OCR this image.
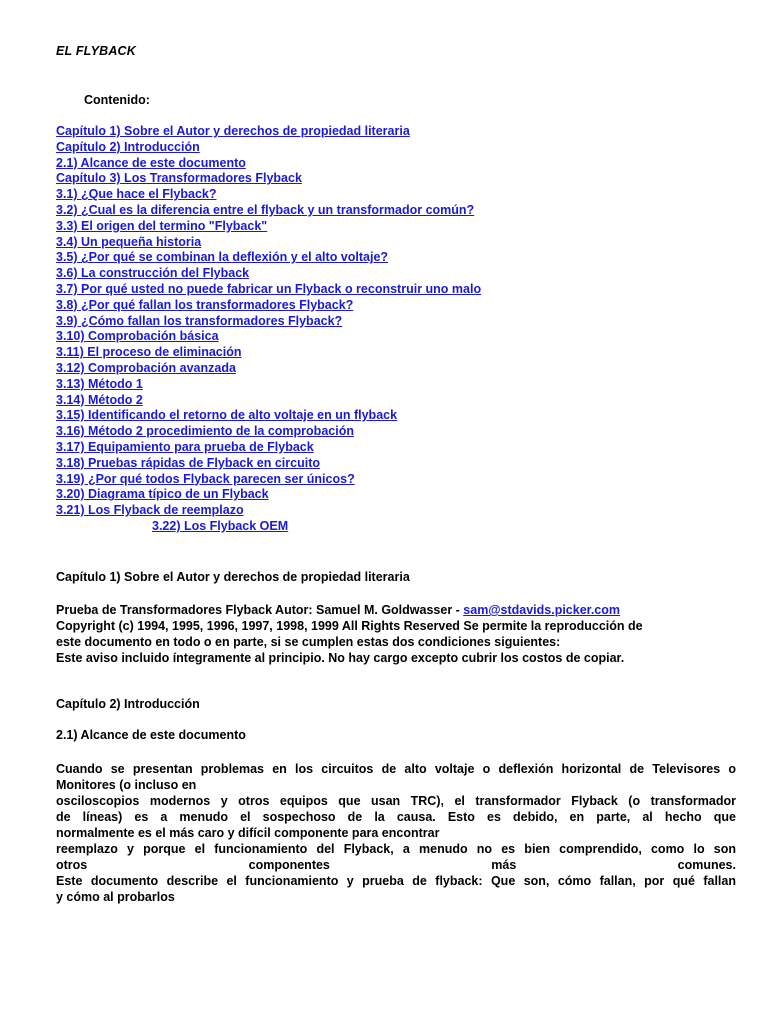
EL FLYBACK
Contenido:
Capítulo 1) Sobre el Autor y derechos de propiedad literaria
Capítulo 2) Introducción
2.1) Alcance de este documento
Capítulo 3) Los Transformadores Flyback
3.1) ¿Que hace el Flyback?
3.2) ¿Cual es la diferencia entre el flyback y un transformador común?
3.3) El origen del termino "Flyback"
3.4) Un pequeña historia
3.5) ¿Por qué se combinan la deflexión y el alto voltaje?
3.6) La construcción del Flyback
3.7) Por qué usted no puede fabricar un Flyback o reconstruir uno malo
3.8) ¿Por qué fallan los transformadores Flyback?
3.9) ¿Cómo fallan los transformadores Flyback?
3.10) Comprobación básica
3.11) El proceso de eliminación
3.12) Comprobación avanzada
3.13) Método 1
3.14) Método 2
3.15) Identificando el retorno de alto voltaje en un flyback
3.16) Método 2 procedimiento de la comprobación
3.17) Equipamiento para prueba de Flyback
3.18) Pruebas rápidas de Flyback en circuito
3.19) ¿Por qué todos Flyback parecen ser únicos?
3.20) Diagrama típico de un Flyback
3.21) Los Flyback de reemplazo
3.22) Los Flyback OEM
Capítulo 1) Sobre el Autor y derechos de propiedad literaria
Prueba de Transformadores Flyback Autor: Samuel M. Goldwasser - sam@stdavids.picker.com
Copyright (c) 1994, 1995, 1996, 1997, 1998, 1999 All Rights Reserved Se permite la reproducción de
este documento en todo o en parte, si se cumplen estas dos condiciones siguientes:
Este aviso incluido íntegramente al principio. No hay cargo excepto cubrir los costos de copiar.
Capítulo 2) Introducción
2.1) Alcance de este documento
Cuando se presentan problemas en los circuitos de alto voltaje o deflexión horizontal de Televisores o
Monitores (o incluso en
osciloscopios modernos y otros equipos que usan TRC), el transformador Flyback (o transformador
de líneas) es a menudo el sospechoso de la causa. Esto es debido, en parte, al hecho que
normalmente es el más caro y difícil componente para encontrar
reemplazo y porque el funcionamiento del Flyback, a menudo no es bien comprendido, como lo son
otros componentes más comunes.
Este documento describe el funcionamiento y prueba de flyback: Que son, cómo fallan, por qué fallan
y cómo al probarlos
